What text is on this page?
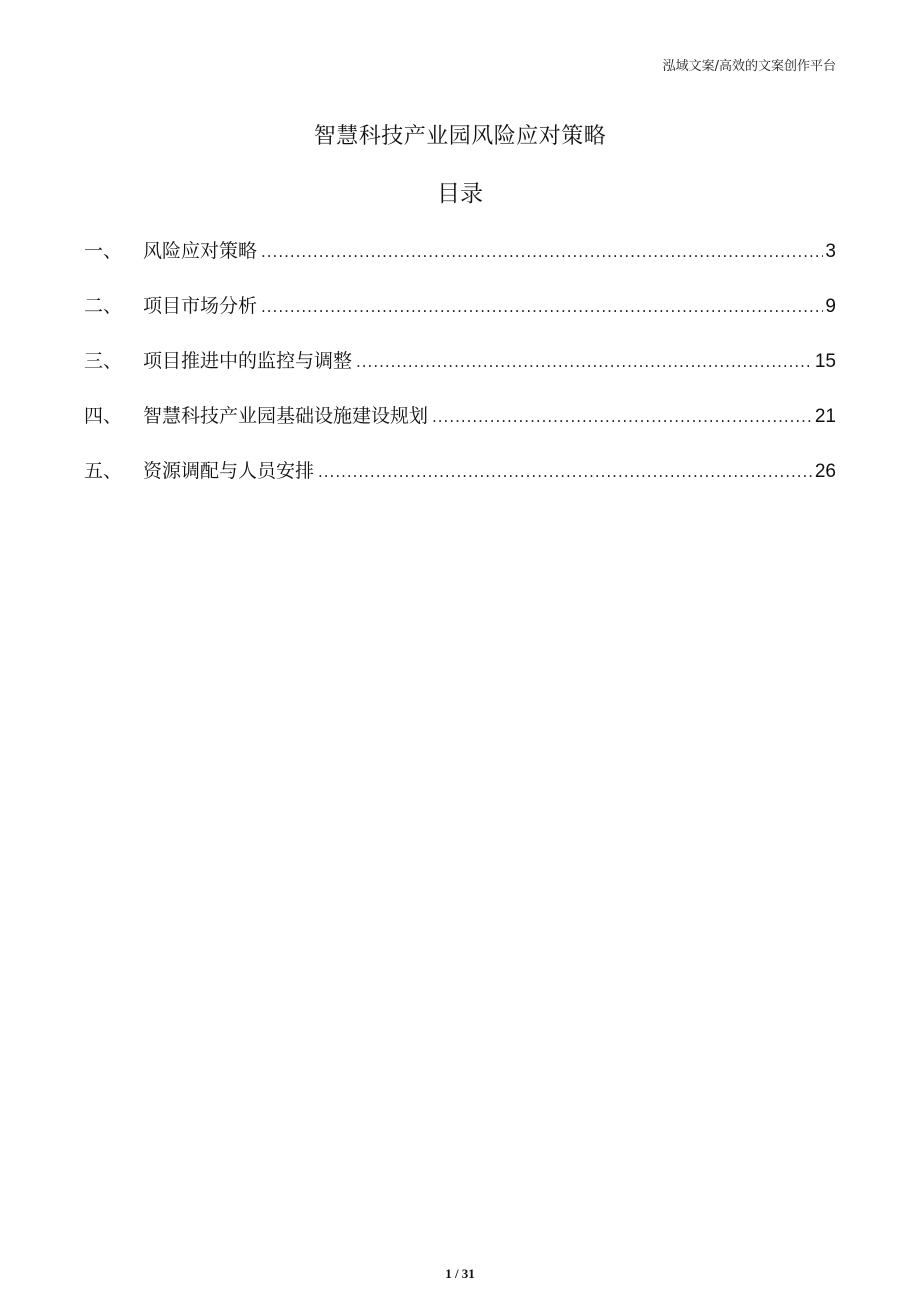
泓域文案/高效的文案创作平台
智慧科技产业园风险应对策略
目录
一、	风险应对策略 .....	3
二、	项目市场分析 .....	9
三、	项目推进中的监控与调整 .....	15
四、	智慧科技产业园基础设施建设规划 .....	21
五、	资源调配与人员安排 .....	26
1 / 31
